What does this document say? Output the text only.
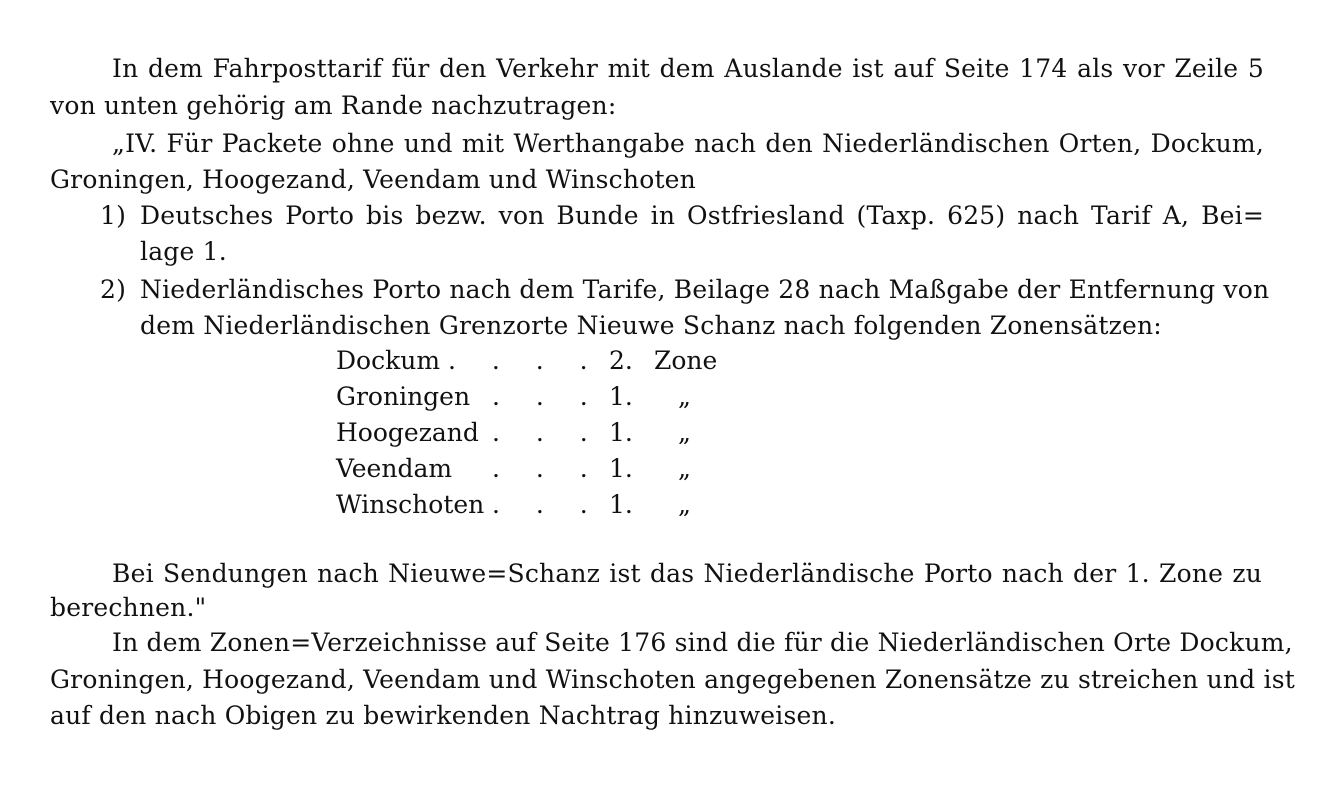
In dem Fahrposttarif für den Verkehr mit dem Auslande ist auf Seite 174 als vor Zeile 5
von unten gehörig am Rande nachzutragen:
„IV. Für Packete ohne und mit Werthangabe nach den Niederländischen Orten, Dockum,
Groningen, Hoogezand, Veendam und Winschoten
1) Deutsches Porto bis bezw. von Bunde in Ostfriesland (Taxp. 625) nach Tarif A, Bei=
lage 1.
2) Niederländisches Porto nach dem Tarife, Beilage 28 nach Maßgabe der Entfernung von
dem Niederländischen Grenzorte Nieuwe Schanz nach folgenden Zonensätzen:
Dockum . . . . 2. Zone
Groningen . . . 1. „
Hoogezand . . . 1. „
Veendam . . . 1. „
Winschoten . . . 1. „
Bei Sendungen nach Nieuwe=Schanz ist das Niederländische Porto nach der 1. Zone zu
berechnen."
In dem Zonen=Verzeichnisse auf Seite 176 sind die für die Niederländischen Orte Dockum,
Groningen, Hoogezand, Veendam und Winschoten angegebenen Zonensätze zu streichen und ist
auf den nach Obigen zu bewirkenden Nachtrag hinzuweisen.
